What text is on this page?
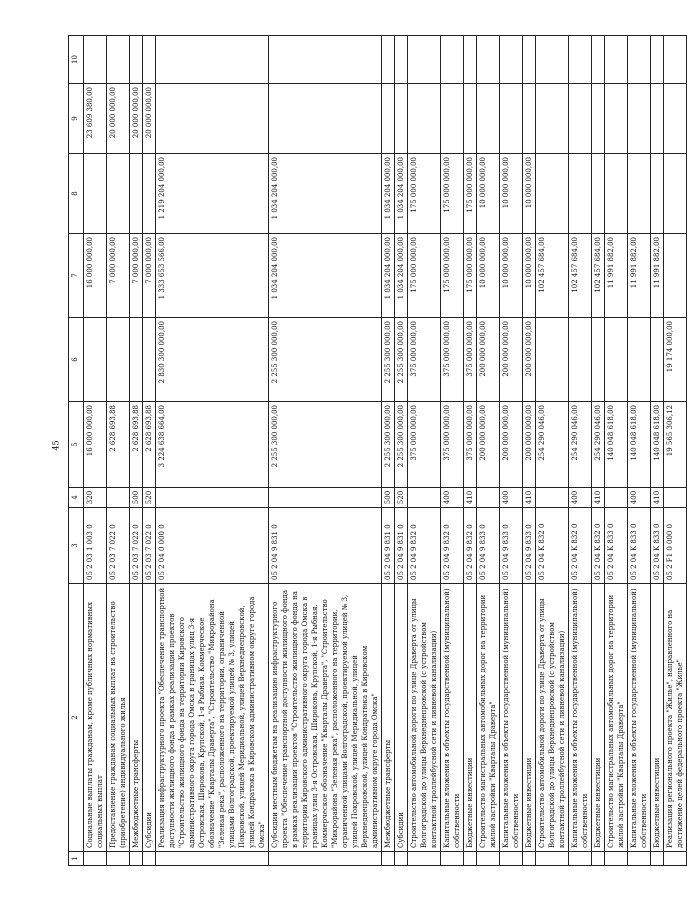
45
1	2	3	4	5	6	7	8	9	10
	Социальные выплаты гражданам, кроме публичных нормативных социальных выплат	05 2 03 1 003 0	320	16 000 000,00		16 000 000,00		23 609 380,00	
	Предоставление гражданам социальных выплат на строительство (приобретение) индивидуального жилья	05 2 03 7 022 0		2 628 693,88		7 000 000,00		20 000 000,00	
	Межбюджетные трансферты	05 2 03 7 022 0	500	2 628 693,88		7 000 000,00		20 000 000,00	
	Субсидии	05 2 03 7 022 0	520	2 628 693,88		7 000 000,00		20 000 000,00	
	Реализация инфраструктурного проекта "Обеспечение транспортной доступности жилищного фонда в рамках реализации проектов "Строительство жилищного фонда на территории Кировского административного округа города Омска в границах улиц 3-я Островская, Широкова, Крупской, 1-я Рыбная. Коммерческое обозначение "Кварталы Драверта", "Строительство "Микрорайона "Зеленая река", расположенного на территории, ограниченной улицами Волгоградской, проектируемой улицей № 3, улицей Покровской, улицей Меридиальной, улицей Верхнеднепровской, улицей Кондратюка в Кировском административном округе города Омска"	05 2 04 0 000 0		3 224 638 664,00	2 830 300 000,00	1 333 653 566,00	1 219 204 000,00		
	Субсидии местным бюджетам на реализацию инфраструктурного проекта "Обеспечение транспортной доступности жилищного фонда в рамках реализации проектов "Строительство жилищного фонда на территории Кировского административного округа города Омска в границах улиц 3-я Островская, Широкова, Крупской, 1-я Рыбная. Коммерческое обозначение "Кварталы Драверта", "Строительство "Микрорайона "Зеленая река", расположенного на территории, ограниченной улицами Волгоградской, проектируемой улицей № 3, улицей Покровской, улицей Меридиальной, улицей Верхнеднепровской, улицей Кондратюка в Кировском административном округе города Омска"	05 2 04 9 831 0		2 255 300 000,00	2 255 300 000,00	1 034 204 000,00	1 034 204 000,00		
	Межбюджетные трансферты	05 2 04 9 831 0	500	2 255 300 000,00	2 255 300 000,00	1 034 204 000,00	1 034 204 000,00		
	Субсидии	05 2 04 9 831 0	520	2 255 300 000,00	2 255 300 000,00	1 034 204 000,00	1 034 204 000,00		
	Строительство автомобильной дороги по улице Драверта от улицы Волгоградской до улицы Верхнеднепровской (с устройством контактной троллейбусной сети и ливневой канализации)	05 2 04 9 832 0		375 000 000,00	375 000 000,00	175 000 000,00	175 000 000,00		
	Капитальные вложения в объекты государственной (муниципальной) собственности	05 2 04 9 832 0	400	375 000 000,00	375 000 000,00	175 000 000,00	175 000 000,00		
	Бюджетные инвестиции	05 2 04 9 832 0	410	375 000 000,00	375 000 000,00	175 000 000,00	175 000 000,00		
	Строительство магистральных автомобильных дорог на территории жилой застройки "Кварталы Драверта"	05 2 04 9 833 0		200 000 000,00	200 000 000,00	10 000 000,00	10 000 000,00		
	Капитальные вложения в объекты государственной (муниципальной) собственности	05 2 04 9 833 0	400	200 000 000,00	200 000 000,00	10 000 000,00	10 000 000,00		
	Бюджетные инвестиции	05 2 04 9 833 0	410	200 000 000,00	200 000 000,00	10 000 000,00	10 000 000,00		
	Строительство автомобильной дороги по улице Драверта от улицы Волгоградской до улицы Верхнеднепровской (с устройством контактной троллейбусной сети и ливневой канализации)	05 2 04 K 832 0		254 290 046,00		102 457 684,00			
	Капитальные вложения в объекты государственной (муниципальной) собственности	05 2 04 K 832 0	400	254 290 046,00		102 457 684,00			
	Бюджетные инвестиции	05 2 04 K 832 0	410	254 290 046,00		102 457 684,00			
	Строительство магистральных автомобильных дорог на территории жилой застройки "Кварталы Драверта"	05 2 04 K 833 0		140 048 618,00		11 991 882,00			
	Капитальные вложения в объекты государственной (муниципальной) собственности	05 2 04 K 833 0	400	140 048 618,00		11 991 882,00			
	Бюджетные инвестиции	05 2 04 K 833 0	410	140 048 618,00		11 991 882,00			
	Реализация регионального проекта "Жилье", направленного на достижение целей федерального проекта "Жилье"	05 2 F1 0 000 0		19 565 306,12	19 174 000,00				
